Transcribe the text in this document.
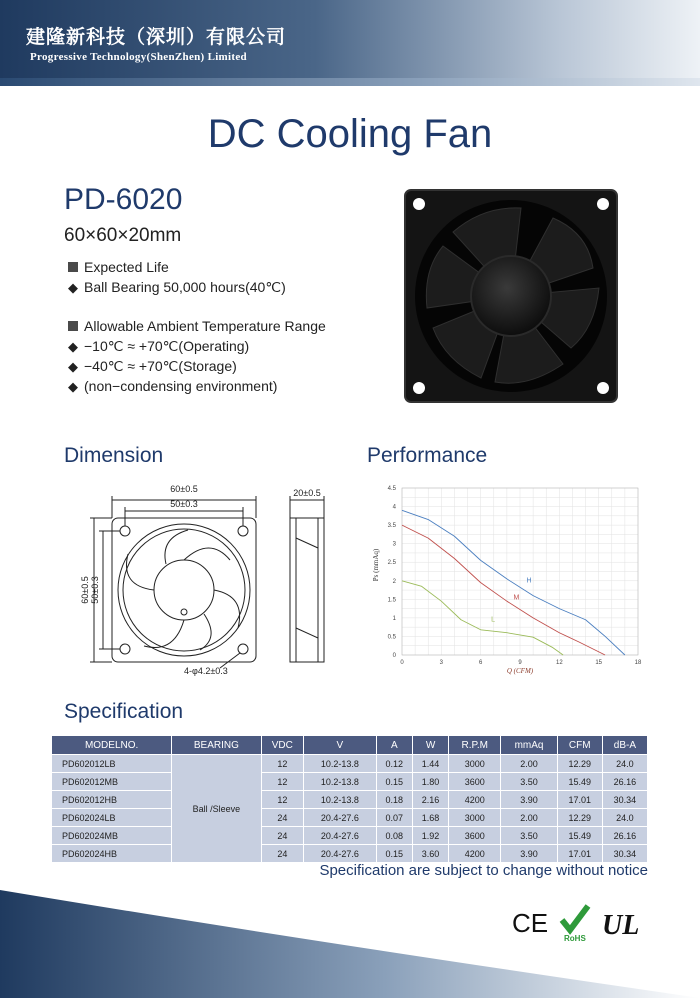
建隆新科技（深圳）有限公司
Progressive Technology(ShenZhen) Limited
DC Cooling Fan
PD-6020
60×60×20mm
Expected Life
◆ Ball Bearing 50,000 hours(40℃)
Allowable Ambient Temperature Range
◆ −10℃ ≈ +70℃(Operating)
◆ −40℃ ≈ +70℃(Storage)
◆ (non−condensing environment)
Dimension	Performance
Specification
60±0.5
50±0.3
20±0.5
4-φ4.2±0.3
60±0.5 50±0.3
0	3	6	9	12	15	18
0
0.5
1
1.5
2
2.5
3
3.5
4
4.5
H
M
L
Q (CFM)
Ps (mmAq)
MODELNO.	BEARING	VDC	V	A	W	R.P.M	mmAq	CFM	dB-A
PD602012LB	Ball /Sleeve	12	10.2-13.8	0.12	1.44	3000	2.00	12.29	24.0
PD602012MB		12	10.2-13.8	0.15	1.80	3600	3.50	15.49	26.16
PD602012HB		12	10.2-13.8	0.18	2.16	4200	3.90	17.01	30.34
PD602024LB		24	20.4-27.6	0.07	1.68	3000	2.00	12.29	24.0
PD602024MB		24	20.4-27.6	0.08	1.92	3600	3.50	15.49	26.16
PD602024HB		24	20.4-27.6	0.15	3.60	4200	3.90	17.01	30.34
Specification are subject to change without notice
CE
RoHS UL
